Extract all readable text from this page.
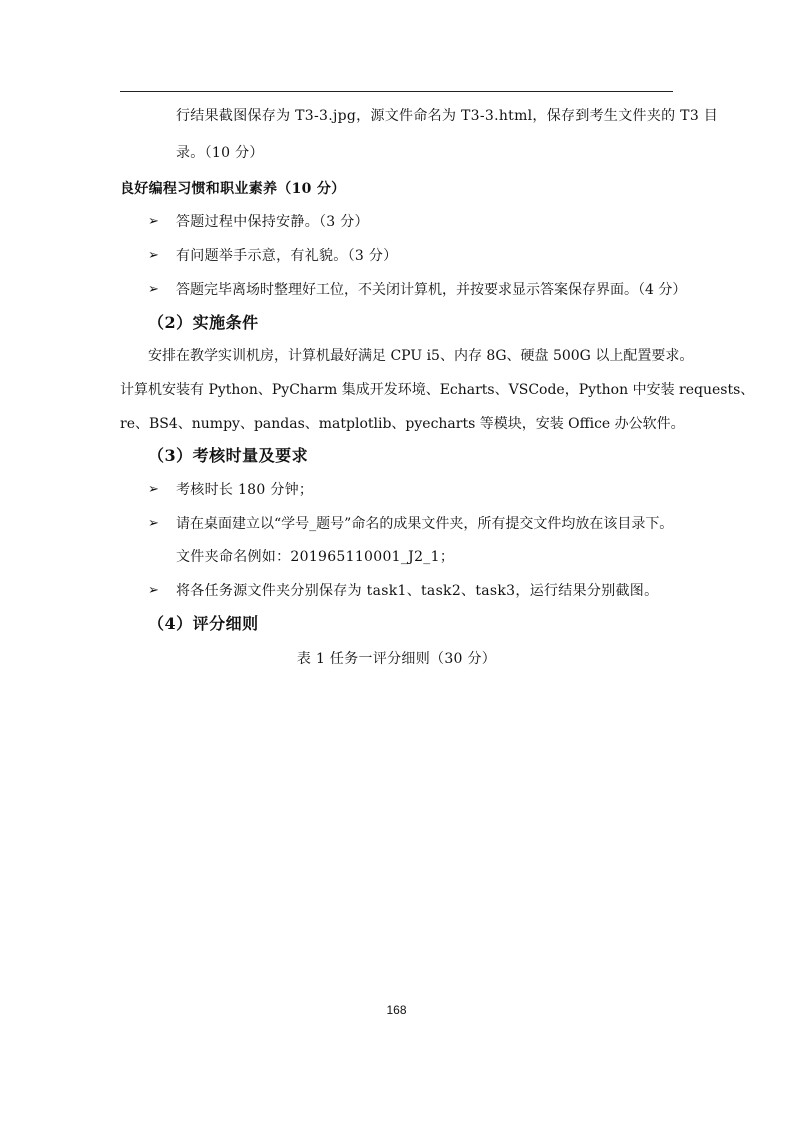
行结果截图保存为 T3-3.jpg，源文件命名为 T3-3.html，保存到考生文件夹的 T3 目
录。（10 分）
良好编程习惯和职业素养（10 分）
➢ 答题过程中保持安静。（3 分）
➢ 有问题举手示意，有礼貌。（3 分）
➢ 答题完毕离场时整理好工位，不关闭计算机，并按要求显示答案保存界面。（4 分）
（2）实施条件
安排在教学实训机房，计算机最好满足 CPU i5、内存 8G、硬盘 500G 以上配置要求。
计算机安装有 Python、PyCharm 集成开发环境、Echarts、VSCode，Python 中安装 requests、
re、BS4、numpy、pandas、matplotlib、pyecharts 等模块，安装 Office 办公软件。
（3）考核时量及要求
➢ 考核时长 180 分钟；
➢ 请在桌面建立以“学号_题号”命名的成果文件夹，所有提交文件均放在该目录下。
文件夹命名例如：201965110001_J2_1；
➢ 将各任务源文件夹分别保存为 task1、task2、task3，运行结果分别截图。
（4）评分细则
表 1 任务一评分细则（30 分）
168
